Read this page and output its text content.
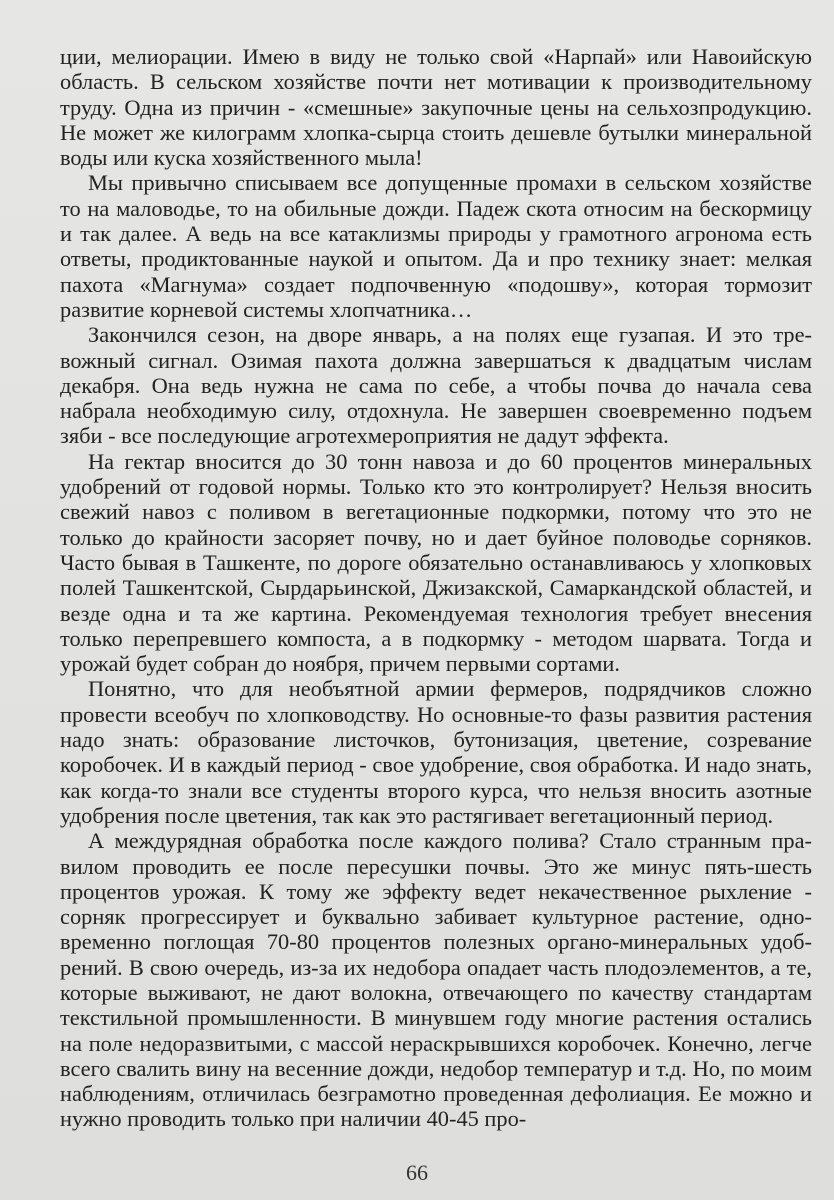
ции, мелиорации. Имею в виду не только свой «Нарпай» или Навоийскую область. В сельском хозяйстве почти нет мотивации к производительному труду. Одна из причин - «смешные» закупочные цены на сельхозпродукцию. Не может же килограмм хлопка-сырца стоить дешевле бутылки минеральной воды или куска хозяйственного мыла!

Мы привычно списываем все допущенные промахи в сельском хозяйстве то на маловодье, то на обильные дожди. Падеж скота относим на бескормицу и так далее. А ведь на все катаклизмы природы у грамотного агронома есть ответы, продиктованные наукой и опытом. Да и про технику знает: мелкая пахота «Магнума» создает подпочвенную «подошву», которая тормозит развитие корневой системы хлопчатника…

Закончился сезон, на дворе январь, а на полях еще гузапая. И это тревожный сигнал. Озимая пахота должна завершаться к двадцатым числам декабря. Она ведь нужна не сама по себе, а чтобы почва до начала сева набрала необходимую силу, отдохнула. Не завершен своевременно подъем зяби - все последующие агротехмероприятия не дадут эффекта.

На гектар вносится до 30 тонн навоза и до 60 процентов минеральных удобрений от годовой нормы. Только кто это контролирует? Нельзя вносить свежий навоз с поливом в вегетационные подкормки, потому что это не только до крайности засоряет почву, но и дает буйное половодье сорняков. Часто бывая в Ташкенте, по дороге обязательно останавливаюсь у хлопковых полей Ташкентской, Сырдарьинской, Джизакской, Самаркандской областей, и везде одна и та же картина. Рекомендуемая технология требует внесения только перепревшего компоста, а в подкормку - методом шарвата. Тогда и урожай будет собран до ноября, причем первыми сортами.

Понятно, что для необъятной армии фермеров, подрядчиков сложно провести всеобуч по хлопководству. Но основные-то фазы развития растения надо знать: образование листочков, бутонизация, цветение, созревание коробочек. И в каждый период - свое удобрение, своя обработка. И надо знать, как когда-то знали все студенты второго курса, что нельзя вносить азотные удобрения после цветения, так как это растягивает вегетационный период.

А междурядная обработка после каждого полива? Стало странным правилом проводить ее после пересушки почвы. Это же минус пять-шесть процентов урожая. К тому же эффекту ведет некачественное рыхление - сорняк прогрессирует и буквально забивает культурное растение, одновременно поглощая 70-80 процентов полезных органо-минеральных удобрений. В свою очередь, из-за их недобора опадает часть плодоэлементов, а те, которые выживают, не дают волокна, отвечающего по качеству стандартам текстильной промышленности. В минувшем году многие растения остались на поле недоразвитыми, с массой нераскрывшихся коробочек. Конечно, легче всего свалить вину на весенние дожди, недобор температур и т.д. Но, по моим наблюдениям, отличилась безграмотно проведенная дефолиация. Ее можно и нужно проводить только при наличии 40-45 про-

66
